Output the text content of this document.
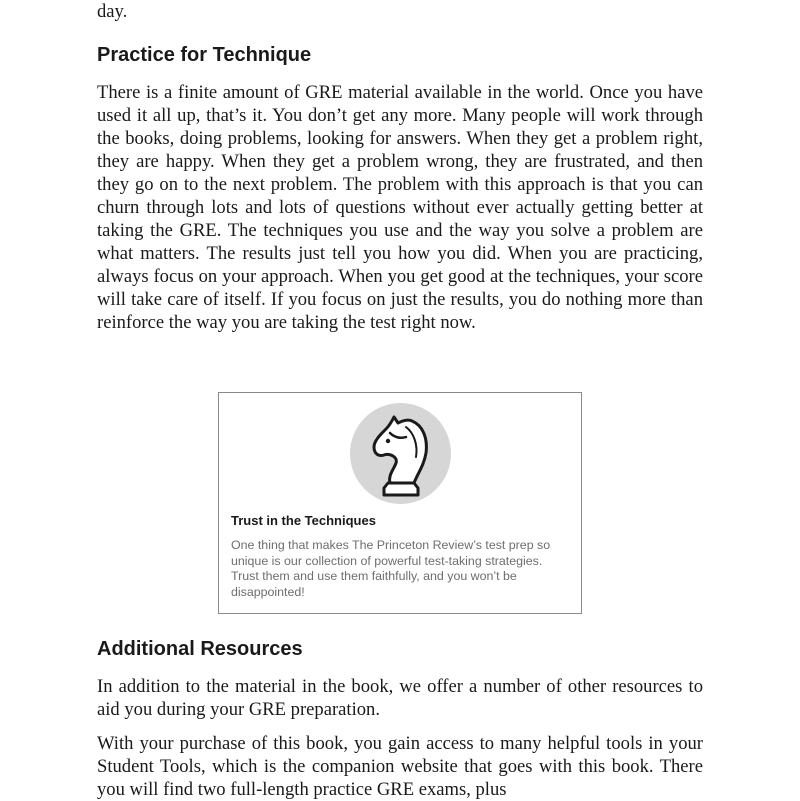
day.

Practice for Technique

There is a finite amount of GRE material available in the world. Once you have used it all up, that’s it. You don’t get any more. Many people will work through the books, doing problems, looking for answers. When they get a problem right, they are happy. When they get a problem wrong, they are frustrated, and then they go on to the next problem. The problem with this approach is that you can churn through lots and lots of questions without ever actually getting better at taking the GRE. The techniques you use and the way you solve a problem are what matters. The results just tell you how you did. When you are practicing, always focus on your approach. When you get good at the techniques, your score will take care of itself. If you focus on just the results, you do nothing more than reinforce the way you are taking the test right now.

Additional Resources

In addition to the material in the book, we offer a number of other resources to aid you during your GRE preparation.

With your purchase of this book, you gain access to many helpful tools in your Student Tools, which is the companion website that goes with this book. There you will find two full-length practice GRE exams, plus

Trust in the Techniques

One thing that makes The Princeton Review’s test prep so unique is our collection of powerful test-taking strategies. Trust them and use them faithfully, and you won’t be disappointed!
